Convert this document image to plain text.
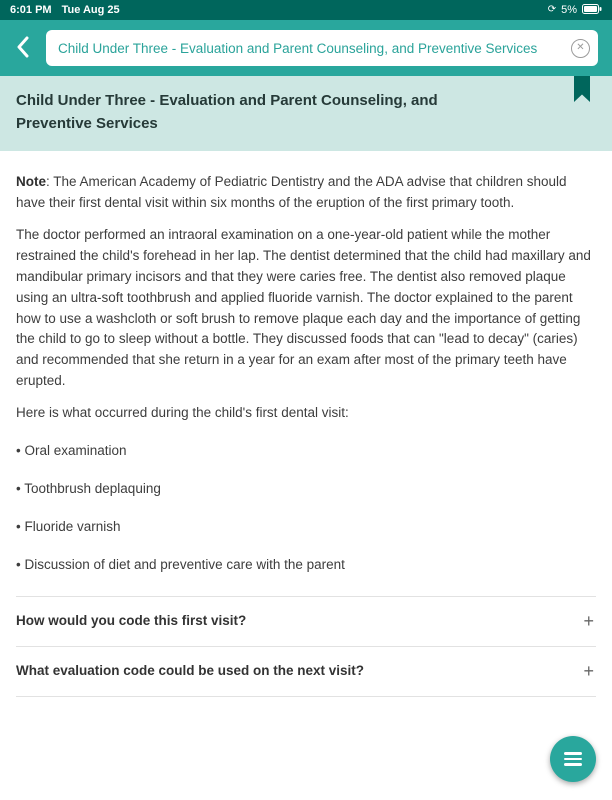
6:01 PM Tue Aug 25	⟳ 5%
Child Under Three - Evaluation and Parent Counseling, and Preventive Services	✕
Child Under Three - Evaluation and Parent Counseling, and Preventive Services

Note: The American Academy of Pediatric Dentistry and the ADA advise that children should have their first dental visit within six months of the eruption of the first primary tooth.

The doctor performed an intraoral examination on a one-year-old patient while the mother restrained the child's forehead in her lap. The dentist determined that the child had maxillary and mandibular primary incisors and that they were caries free. The dentist also removed plaque using an ultra-soft toothbrush and applied fluoride varnish. The doctor explained to the parent how to use a washcloth or soft brush to remove plaque each day and the importance of getting the child to go to sleep without a bottle. They discussed foods that can "lead to decay" (caries) and recommended that she return in a year for an exam after most of the primary teeth have erupted.

Here is what occurred during the child's first dental visit:

• Oral examination

• Toothbrush deplaquing

• Fluoride varnish

• Discussion of diet and preventive care with the parent

How would you code this first visit?	+
What evaluation code could be used on the next visit?	+
